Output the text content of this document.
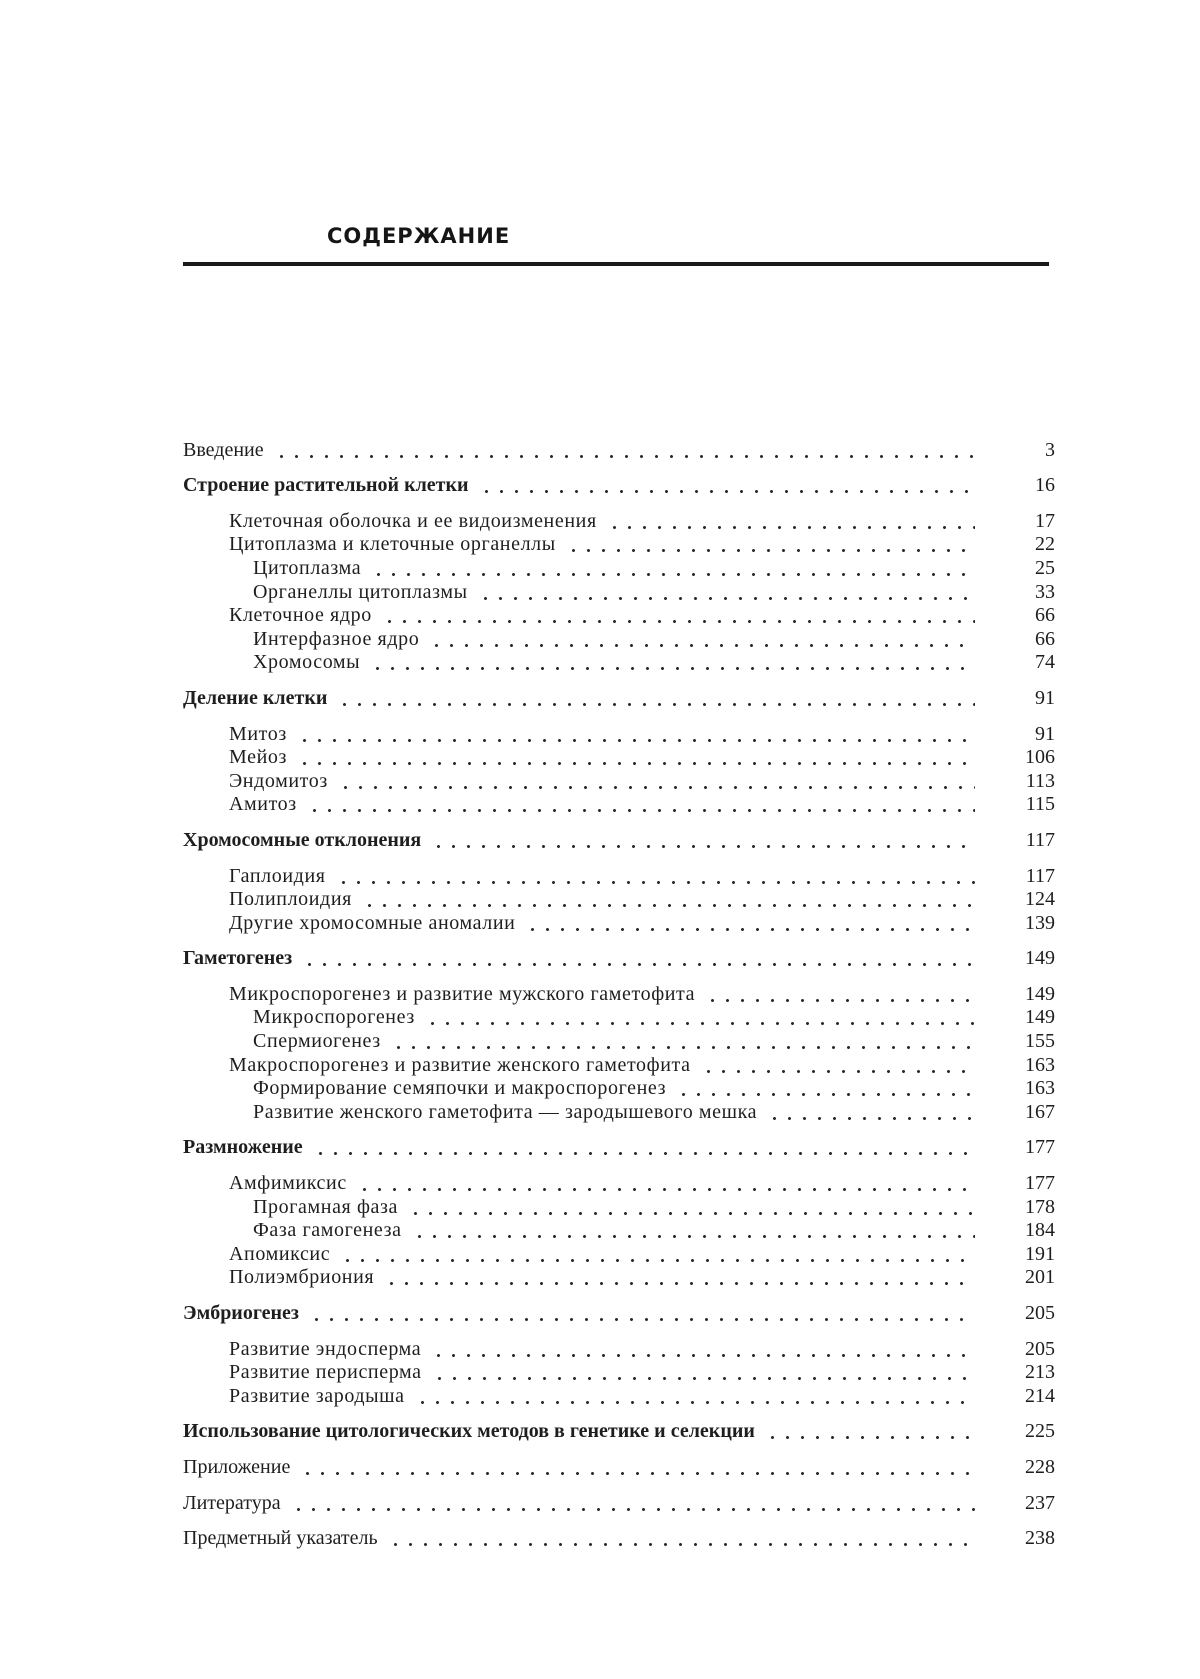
СОДЕРЖАНИЕ
Введение	3
Строение растительной клетки	16
Клеточная оболочка и ее видоизменения	17
Цитоплазма и клеточные органеллы	22
Цитоплазма	25
Органеллы цитоплазмы	33
Клеточное ядро	66
Интерфазное ядро	66
Хромосомы	74
Деление клетки	91
Митоз	91
Мейоз	106
Эндомитоз	113
Амитоз	115
Хромосомные отклонения	117
Гаплоидия	117
Полиплоидия	124
Другие хромосомные аномалии	139
Гаметогенез	149
Микроспорогенез и развитие мужского гаметофита	149
Микроспорогенез	149
Спермиогенез	155
Макроспорогенез и развитие женского гаметофита	163
Формирование семяпочки и макроспорогенез	163
Развитие женского гаметофита — зародышевого мешка	167
Размножение	177
Амфимиксис	177
Прогамная фаза	178
Фаза гамогенеза	184
Апомиксис	191
Полиэмбриония	201
Эмбриогенез	205
Развитие эндосперма	205
Развитие перисперма	213
Развитие зародыша	214
Использование цитологических методов в генетике и селекции	225
Приложение	228
Литература	237
Предметный указатель	238
